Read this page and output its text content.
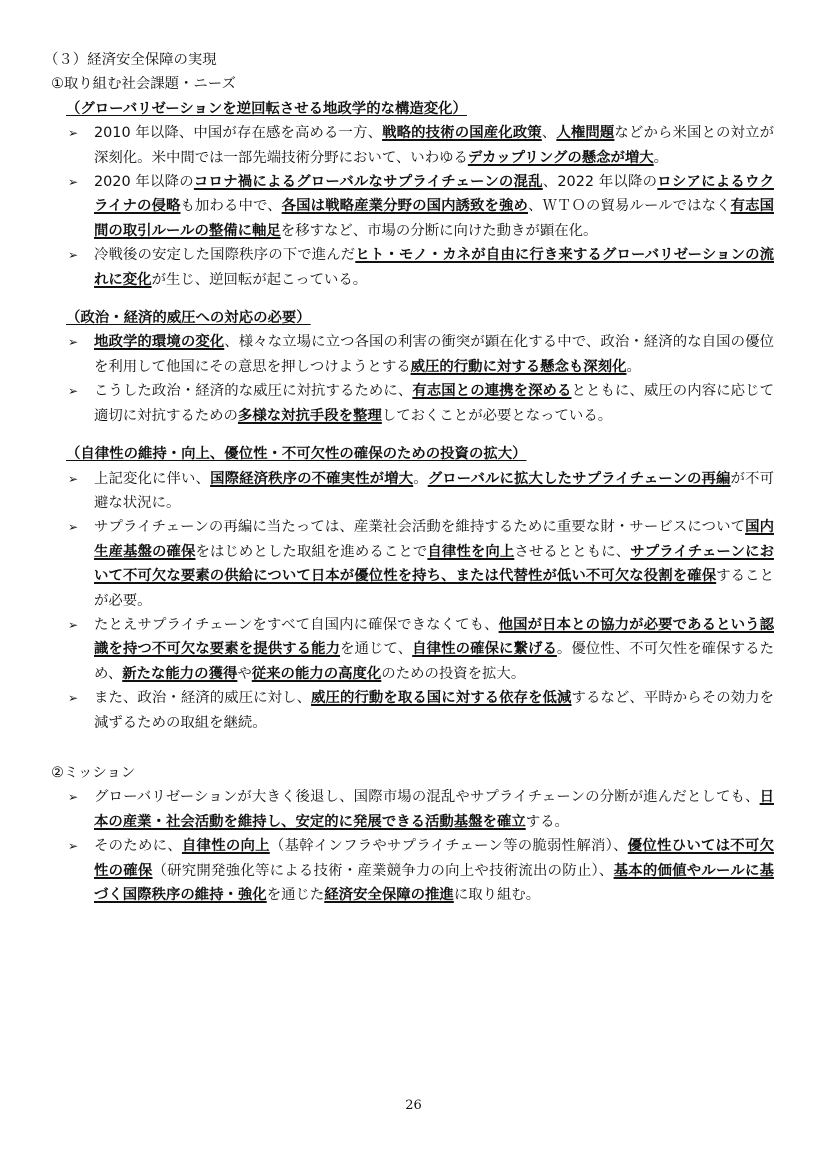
（３）経済安全保障の実現
①取り組む社会課題・ニーズ
（グローバリゼーションを逆回転させる地政学的な構造変化）
➢ 2010 年以降、中国が存在感を高める一方、戦略的技術の国産化政策、人権問題などから米国との対立が深刻化。米中間では一部先端技術分野において、いわゆるデカップリングの懸念が増大。
➢ 2020 年以降のコロナ禍によるグローバルなサプライチェーンの混乱、2022 年以降のロシアによるウクライナの侵略も加わる中で、各国は戦略産業分野の国内誘致を強め、ＷＴＯの貿易ルールではなく有志国間の取引ルールの整備に軸足を移すなど、市場の分断に向けた動きが顕在化。
➢ 冷戦後の安定した国際秩序の下で進んだヒト・モノ・カネが自由に行き来するグローバリゼーションの流れに変化が生じ、逆回転が起こっている。
（政治・経済的威圧への対応の必要）
➢ 地政学的環境の変化、様々な立場に立つ各国の利害の衝突が顕在化する中で、政治・経済的な自国の優位を利用して他国にその意思を押しつけようとする威圧的行動に対する懸念も深刻化。
➢ こうした政治・経済的な威圧に対抗するために、有志国との連携を深めるとともに、威圧の内容に応じて適切に対抗するための多様な対抗手段を整理しておくことが必要となっている。
（自律性の維持・向上、優位性・不可欠性の確保のための投資の拡大）
➢ 上記変化に伴い、国際経済秩序の不確実性が増大。グローバルに拡大したサプライチェーンの再編が不可避な状況に。
➢ サプライチェーンの再編に当たっては、産業社会活動を維持するために重要な財・サービスについて国内生産基盤の確保をはじめとした取組を進めることで自律性を向上させるとともに、サプライチェーンにおいて不可欠な要素の供給について日本が優位性を持ち、または代替性が低い不可欠な役割を確保することが必要。
➢ たとえサプライチェーンをすべて自国内に確保できなくても、他国が日本との協力が必要であるという認識を持つ不可欠な要素を提供する能力を通じて、自律性の確保に繋げる。優位性、不可欠性を確保するため、新たな能力の獲得や従来の能力の高度化のための投資を拡大。
➢ また、政治・経済的威圧に対し、威圧的行動を取る国に対する依存を低減するなど、平時からその効力を減ずるための取組を継続。
②ミッション
➢ グローバリゼーションが大きく後退し、国際市場の混乱やサプライチェーンの分断が進んだとしても、日本の産業・社会活動を維持し、安定的に発展できる活動基盤を確立する。
➢ そのために、自律性の向上（基幹インフラやサプライチェーン等の脆弱性解消）、優位性ひいては不可欠性の確保（研究開発強化等による技術・産業競争力の向上や技術流出の防止）、基本的価値やルールに基づく国際秩序の維持・強化を通じた経済安全保障の推進に取り組む。
26
